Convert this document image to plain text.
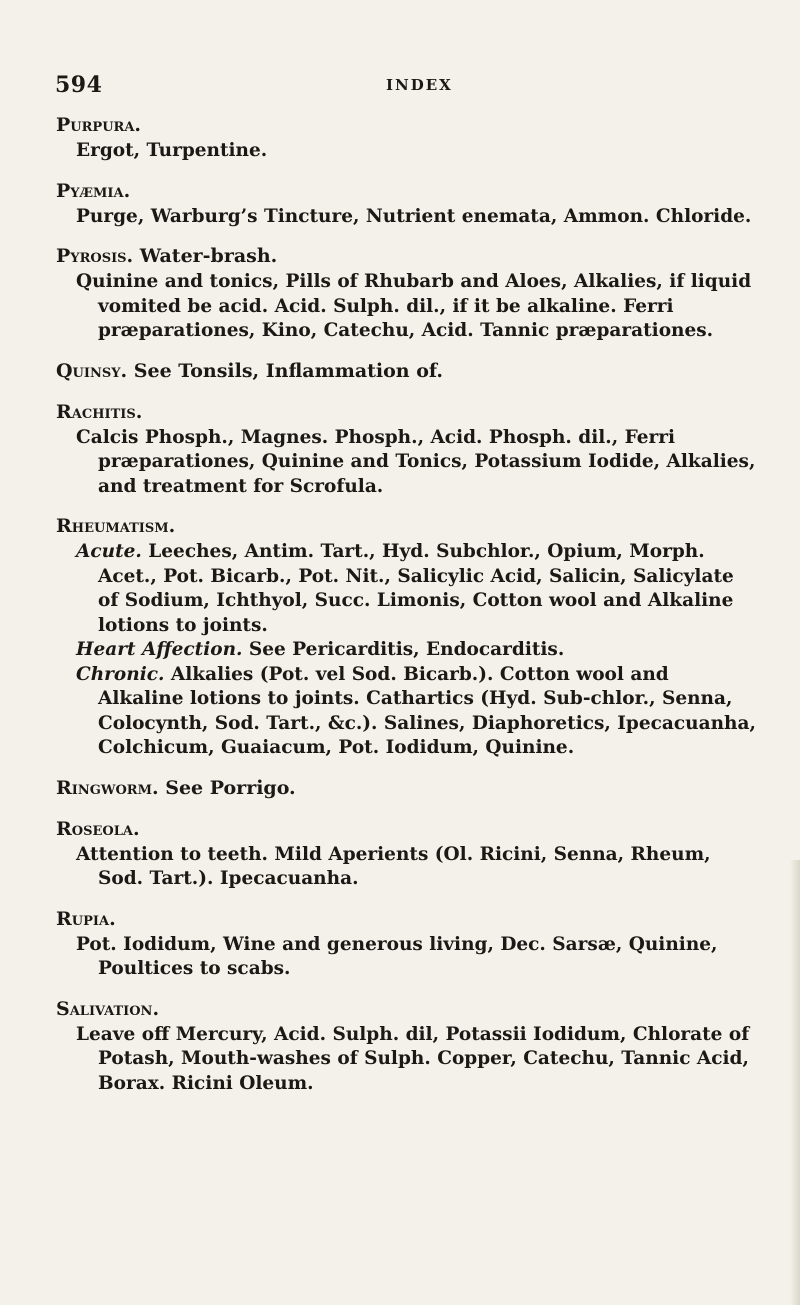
594	INDEX
Purpura.
Ergot, Turpentine.
Pyæmia.
Purge, Warburg’s Tincture, Nutrient enemata, Ammon. Chloride.
Pyrosis. Water-brash.
Quinine and tonics, Pills of Rhubarb and Aloes, Alkalies, if liquid vomited be acid. Acid. Sulph. dil., if it be alkaline. Ferri præparationes, Kino, Catechu, Acid. Tannic præparationes.
Quinsy. See Tonsils, Inflammation of.
Rachitis.
Calcis Phosph., Magnes. Phosph., Acid. Phosph. dil., Ferri præparationes, Quinine and Tonics, Potassium Iodide, Alkalies, and treatment for Scrofula.
Rheumatism.
Acute. Leeches, Antim. Tart., Hyd. Subchlor., Opium, Morph. Acet., Pot. Bicarb., Pot. Nit., Salicylic Acid, Salicin, Salicylate of Sodium, Ichthyol, Succ. Limonis, Cotton wool and Alkaline lotions to joints.
Heart Affection. See Pericarditis, Endocarditis.
Chronic. Alkalies (Pot. vel Sod. Bicarb.). Cotton wool and Alkaline lotions to joints. Cathartics (Hyd. Sub-chlor., Senna, Colocynth, Sod. Tart., &c.). Salines, Diaphoretics, Ipecacuanha, Colchicum, Guaiacum, Pot. Iodidum, Quinine.
Ringworm. See Porrigo.
Roseola.
Attention to teeth. Mild Aperients (Ol. Ricini, Senna, Rheum, Sod. Tart.). Ipecacuanha.
Rupia.
Pot. Iodidum, Wine and generous living, Dec. Sarsæ, Quinine, Poultices to scabs.
Salivation.
Leave off Mercury, Acid. Sulph. dil, Potassii Iodidum, Chlorate of Potash, Mouth-washes of Sulph. Copper, Catechu, Tannic Acid, Borax. Ricini Oleum.
